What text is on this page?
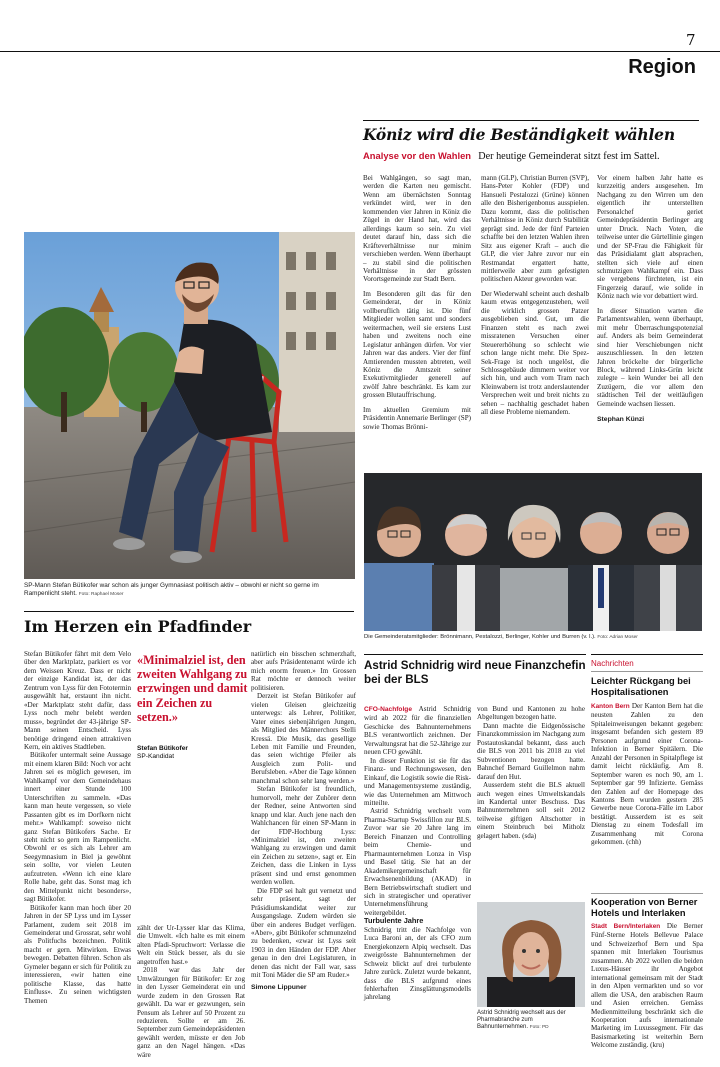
7
Region
Köniz wird die Beständigkeit wählen
Analyse vor den Wahlen Der heutige Gemeinderat sitzt fest im Sattel.

Bei Wahlgängen, so sagt man, werden die Karten neu gemischt. Wenn am übernächsten Sonntag verkündet wird, wer in den kommenden vier Jahren in Köniz die Zügel in der Hand hat, wird das allerdings kaum so sein. Zu viel deutet darauf hin, dass sich die Kräfteverhältnisse nur minim verschieben werden. Wenn überhaupt – zu stabil sind die politischen Verhältnisse in der grössten Vorortsgemeinde zur Stadt Bern.

Im Besonderen gilt das für den Gemeinderat, der in Köniz vollberuflich tätig ist. Die fünf Mitglieder wollen samt und sonders weitermachen, weil sie erstens Lust haben und zweitens noch eine Legislatur anhängen dürfen. Vor vier Jahren war das anders. Vier der fünf Amtierenden mussten abtreten, weil Köniz die Amtszeit seiner Exekutivmitglieder generell auf zwölf Jahre beschränkt. Es kam zur grossen Blutauffrischung.

Im aktuellen Gremium mit Präsidentin Annemarie Berlinger (SP) sowie Thomas Brönni-

mann (GLP), Christian Burren (SVP), Hans-Peter Kohler (FDP) und Hansueli Pestalozzi (Grüne) können alle den Bisherigenbonus ausspielen. Dazu kommt, dass die politischen Verhältnisse in Köniz durch Stabilität geprägt sind. Jede der fünf Parteien schaffte bei den letzten Wahlen ihren Sitz aus eigener Kraft – auch die GLP, die vier Jahre zuvor nur ein Restmandat ergattert hatte, mittlerweile aber zum gefestigten politischen Akteur geworden war.

Der Wiederwahl scheint auch deshalb kaum etwas entgegenzustehen, weil die wirklich grossen Patzer ausgeblieben sind. Gut, um die Finanzen steht es nach zwei missratenen Versuchen einer Steuererhöhung so schlecht wie schon lange nicht mehr. Die Spez-Sek-Frage ist noch ungelöst, die Schlossgebäude dimmern weiter vor sich hin, und auch vom Tram nach Kleinwabern ist trotz anderslautender Versprechen weit und breit nichts zu sehen – nachhaltig geschadet haben all diese Probleme niemandem.

Vor einem halben Jahr hatte es kurzzeitig anders ausgesehen. Im Nachgang zu den Wirren um den eigentlich ihr unterstellten Personalchef geriet Gemeindepräsidentin Berlinger arg unter Druck. Nach Voten, die teilweise unter die Gürtellinie gingen und der SP-Frau die Fähigkeit für das Präsidialamt glatt absprachen, stellten sich viele auf einen schmutzigen Wahlkampf ein. Dass sie vergebens fürchteten, ist ein Fingerzeig darauf, wie solide in Köniz nach wie vor debattiert wird.

In dieser Situation warten die Parlamentswahlen, wenn überhaupt, mit mehr Überraschungspotenzial auf. Anders als beim Gemeinderat sind hier Verschiebungen nicht auszuschliessen. In den letzten Jahren bröckelte der bürgerliche Block, während Links-Grün leicht zulegte – kein Wunder bei all den Zuzügern, die vor allem den städtischen Teil der weitläufigen Gemeinde wachsen liessen.

Stephan Künzi

SP-Mann Stefan Bütikofer war schon als junger Gymnasiast politisch aktiv – obwohl er nicht so gerne im Rampenlicht steht. Foto: Raphael Moser
Die Gemeinderatsmitglieder: Brönnimann, Pestalozzi, Berlinger, Kohler und Burren (v. l.). Foto: Adrian Moser
Im Herzen ein Pfadfinder

Stefan Bütikofer fährt mit dem Velo über den Marktplatz, parkiert es vor dem Weissen Kreuz. Dass er nicht der einzige Kandidat ist, der das Zentrum von Lyss für den Fototermin ausgewählt hat, erstaunt ihn nicht. «Der Marktplatz steht dafür, dass Lyss noch mehr belebt werden muss», begründet der 43-jährige SP-Mann seinen Entscheid. Lyss benötige dringend einen attraktiven Kern, ein aktives Stadtleben.

Bütikofer untermalt seine Aussage mit einem klaren Bild: Noch vor acht Jahren sei es möglich gewesen, im Wahlkampf vor dem Gemeindehaus innert einer Stunde 100 Unterschriften zu sammeln. «Das kann man heute vergessen, so viele Passanten gibt es im Dorfkern nicht mehr.» Wahlkampf: soweiso nicht ganz Stefan Bütikofers Sache. Er steht nicht so gern im Rampenlicht. Obwohl er es sich als Lehrer am Seegymnasium in Biel ja gewöhnt sein sollte, vor vielen Leuten aufzutreten. «Wenn ich eine klare Rolle habe, geht das. Sonst mag ich den Mittelpunkt nicht besonders», sagt Bütikofer.

Bütikofer kann man hoch über 20 Jahren in der SP Lyss und im Lysser Parlament, zudem seit 2018 im Gemeinderat und Grossrat, sehr wohl als Politfuchs bezeichnen. Politik macht er gern. Mitwirken. Etwas bewegen. Debatten führen. Schon als Gymeler begann er sich für Politik zu interessieren, «wir hatten eine politische Klasse, das hatte Einfluss». Zu seinen wichtigsten Themen

«Minimalziel ist, den zweiten Wahlgang zu erzwingen und damit ein Zeichen zu setzen.»
Stefan Bütikofer
SP-Kandidat

zählt der Ur-Lysser klar das Klima, die Umwelt. «Ich halte es mit einem alten Pfadi-Spruchwort: Verlasse die Welt ein Stück besser, als du sie angetroffen hast.»

2018 war das Jahr der Umwälzungen für Bütikofer: Er zog in den Lysser Gemeinderat ein und wurde zudem in den Grossen Rat gewählt. Da war er gezwungen, sein Pensum als Lehrer auf 50 Prozent zu reduzieren. Sollte er am 26. September zum Gemeindepräsidenten gewählt werden, müsste er den Job ganz an den Nagel hängen. «Das wäre

natürlich ein bisschen schmerzhaft, aber aufs Präsidentenamt würde ich mich enorm freuen.» Im Grossen Rat möchte er dennoch weiter politisieren.

Derzeit ist Stefan Bütikofer auf vielen Gleisen gleichzeitig unterwegs: als Lehrer, Politiker, Vater eines siebenjährigen Jungen, als Mitglied des Männerchors Stelli Kressä. Die Musik, das gesellige Leben mit Familie und Freunden, das seien wichtige Pfeiler als Ausgleich zum Polit- und Berufsleben. «Aber die Tage können manchmal schon sehr lang werden.»

Stefan Bütikofer ist freundlich, humorvoll, mehr der Zuhörer denn der Redner, seine Antworten sind knapp und klar. Auch jene nach den Wahlchancen für einen SP-Mann in der FDP-Hochburg Lyss: «Minimalziel ist, den zweiten Wahlgang zu erzwingen und damit ein Zeichen zu setzen», sagt er. Ein Zeichen, dass die Linken in Lyss präsent sind und ernst genommen werden wollen.

Die FDP sei halt gut vernetzt und sehr präsent, sagt der Präsidiumskandidat weiter zur Ausgangslage. Zudem würden sie über ein anderes Budget verfügen. «Aber», gibt Bütikofer schmunzelnd zu bedenken, «zwar ist Lyss seit 1903 in den Händen der FDP. Aber genau in den drei Legislaturen, in denen das nicht der Fall war, sass mit Toni Mäder die SP am Ruder.»

Simone Lippuner

Astrid Schnidrig wird neue Finanzchefin bei der BLS

CFO-Nachfolge Astrid Schnidrig wird ab 2022 für die finanziellen Geschicke des Bahnunternehmens BLS verantwortlich zeichnen. Der Verwaltungsrat hat die 52-Jährige zur neuen CFO gewählt.

In dieser Funktion ist sie für das Finanz- und Rechnungswesen, den Einkauf, die Logistik sowie die Risk- und Managementsysteme zuständig, wie das Unternehmen am Mittwoch mitteilte.

Astrid Schnidrig wechselt vom Pharma-Startup Swissfillon zur BLS. Zuvor war sie 20 Jahre lang im Bereich Finanzen und Controlling beim Chemie- und Pharmaunternehmen Lonza in Visp und Basel tätig. Sie hat an der Akademikergemeinschaft für Erwachsenenbildung (AKAD) in Bern Betriebswirtschaft studiert und sich in strategischer und operativer Unternehmensführung weitergebildet.

Turbulente Jahre

Schnidrig tritt die Nachfolge von Luca Baroni an, der als CFO zum Energiekonzern Alpiq wechselt. Das zweigrösste Bahnunternehmen der Schweiz blickt auf drei turbulente Jahre zurück. Zuletzt wurde bekannt, dass die BLS aufgrund eines fehlerhaften Zinsglättungsmodells jahrelang

von Bund und Kantonen zu hohe Abgeltungen bezogen hatte.

Dann machte die Eidgenössische Finanzkommission im Nachgang zum Postautoskandal bekannt, dass auch die BLS von 2011 bis 2018 zu viel Subventionen bezogen hatte. Bahnchef Bernard Guillelmon nahm darauf den Hut.

Ausserdem steht die BLS aktuell auch wegen eines Umweltskandals im Kandertal unter Beschuss. Das Bahnunternehmen soll seit 2012 teilweise giftigen Altschotter in einem Steinbruch bei Mitholz gelagert haben. (sda)

Astrid Schnidrig wechselt aus der Pharmabranche zum Bahnunternehmen. Foto: PD
Nachrichten
Leichter Rückgang bei Hospitalisationen

Kanton Bern Der Kanton Bern hat die neusten Zahlen zu den Spitaleinweisungen bekannt gegeben: insgesamt befanden sich gestern 89 Personen aufgrund einer Corona-Infektion in Berner Spitälern. Die Anzahl der Personen in Spitalpflege ist damit leicht rückläufig. Am 8. September waren es noch 90, am 1. September gar 99 Infizierte. Gemäss den Zahlen auf der Homepage des Kantons Bern wurden gestern 285 Gewerbe neue Corona-Fälle im Labor bestätigt. Ausserdem ist es seit Dienstag zu einem Todesfall im Zusammenhang mit Corona gekommen. (chh)

Kooperation von Berner Hotels und Interlaken

Stadt Bern/Interlaken Die Berner Fünf-Sterne Hotels Bellevue Palace und Schweizerhof Bern und Spa spannen mit Interlaken Tourismus zusammen. Ab 2022 wollen die beiden Luxus-Häuser ihr Angebot international gemeinsam mit der Stadt in den Alpen vermarkten und so vor allem die USA, den arabischen Raum und Asien erreichen. Gemäss Medienmitteilung beschränkt sich die Kooperation aufs internationale Marketing im Luxussegment. Für das Basismarketing ist weiterhin Bern Welcome zuständig. (kru)
